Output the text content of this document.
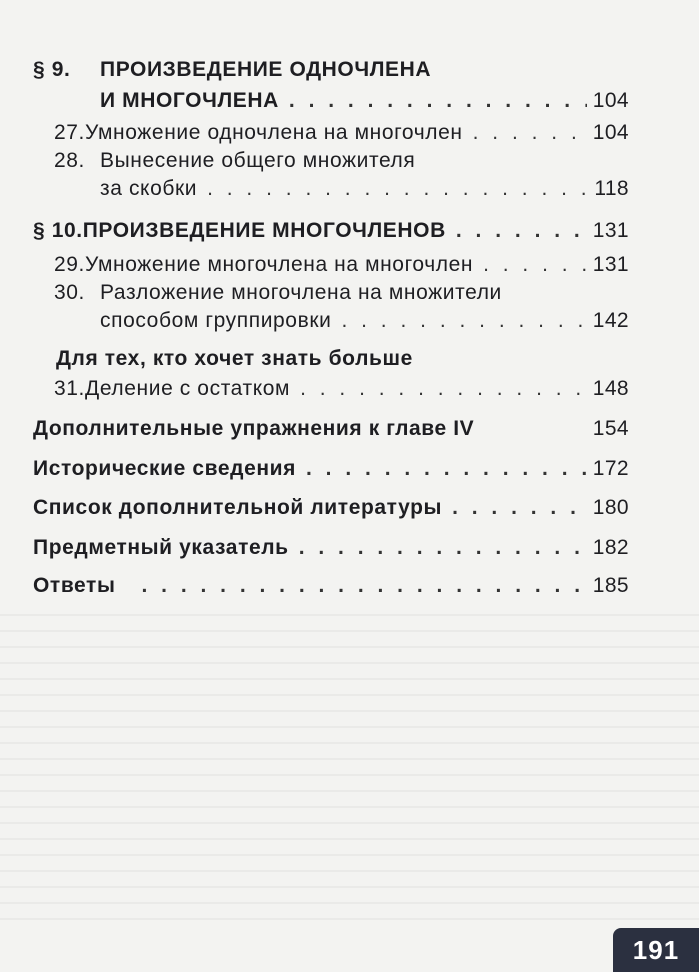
§ 9.	ПРОИЗВЕДЕНИЕ ОДНОЧЛЕНА
И МНОГОЧЛЕНА . . .	104
27. Умножение одночлена на многочлен . . .	104
28. Вынесение общего множителя
за скобки . . .	118
§ 10. ПРОИЗВЕДЕНИЕ МНОГОЧЛЕНОВ . . .	131
29. Умножение многочлена на многочлен . . .	131
30. Разложение многочлена на множители
способом группировки . . .	142
Для тех, кто хочет знать больше
31. Деление с остатком . . .	148
Дополнительные упражнения к главе IV	154
Исторические сведения . . .	172
Список дополнительной литературы . . .	180
Предметный указатель . . .	182
Ответы . . .	185
191
